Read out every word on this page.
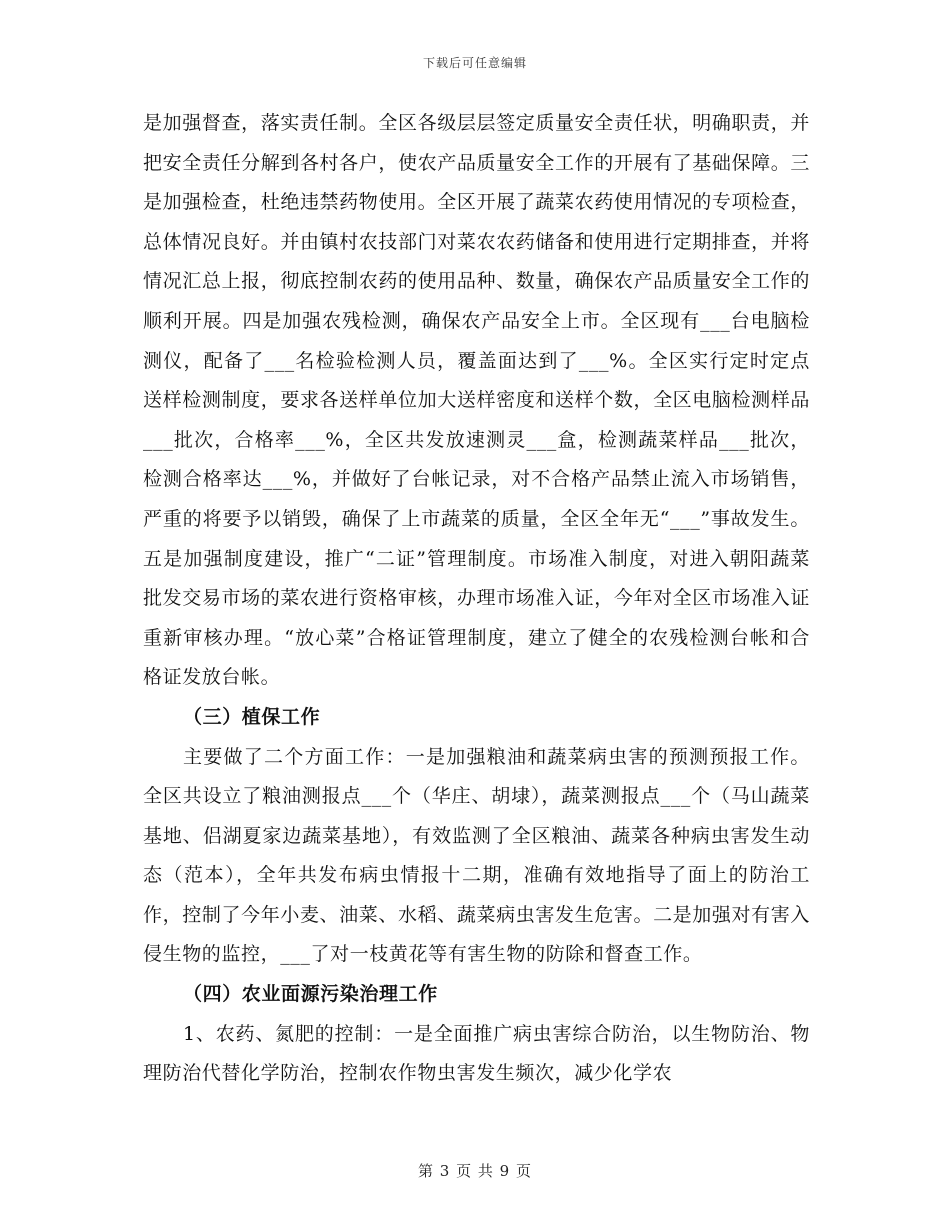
下载后可任意编辑

是加强督查，落实责任制。全区各级层层签定质量安全责任状，明确职责，并把安全责任分解到各村各户，使农产品质量安全工作的开展有了基础保障。三是加强检查，杜绝违禁药物使用。全区开展了蔬菜农药使用情况的专项检查，总体情况良好。并由镇村农技部门对菜农农药储备和使用进行定期排查，并将情况汇总上报，彻底控制农药的使用品种、数量，确保农产品质量安全工作的顺利开展。四是加强农残检测，确保农产品安全上市。全区现有___台电脑检测仪，配备了___名检验检测人员，覆盖面达到了___%。全区实行定时定点送样检测制度，要求各送样单位加大送样密度和送样个数，全区电脑检测样品___批次，合格率___%，全区共发放速测灵___盒，检测蔬菜样品___批次，检测合格率达___%，并做好了台帐记录，对不合格产品禁止流入市场销售，严重的将要予以销毁，确保了上市蔬菜的质量，全区全年无“___”事故发生。五是加强制度建设，推广“二证”管理制度。市场准入制度，对进入朝阳蔬菜批发交易市场的菜农进行资格审核，办理市场准入证，今年对全区市场准入证重新审核办理。“放心菜”合格证管理制度，建立了健全的农残检测台帐和合格证发放台帐。

（三）植保工作

主要做了二个方面工作：一是加强粮油和蔬菜病虫害的预测预报工作。全区共设立了粮油测报点___个（华庄、胡埭），蔬菜测报点___个（马山蔬菜基地、侣湖夏家边蔬菜基地），有效监测了全区粮油、蔬菜各种病虫害发生动态（范本），全年共发布病虫情报十二期，准确有效地指导了面上的防治工作，控制了今年小麦、油菜、水稻、蔬菜病虫害发生危害。二是加强对有害入侵生物的监控，___了对一枝黄花等有害生物的防除和督查工作。

（四）农业面源污染治理工作

1、农药、氮肥的控制：一是全面推广病虫害综合防治，以生物防治、物理防治代替化学防治，控制农作物虫害发生频次，减少化学农

第 3 页 共 9 页
